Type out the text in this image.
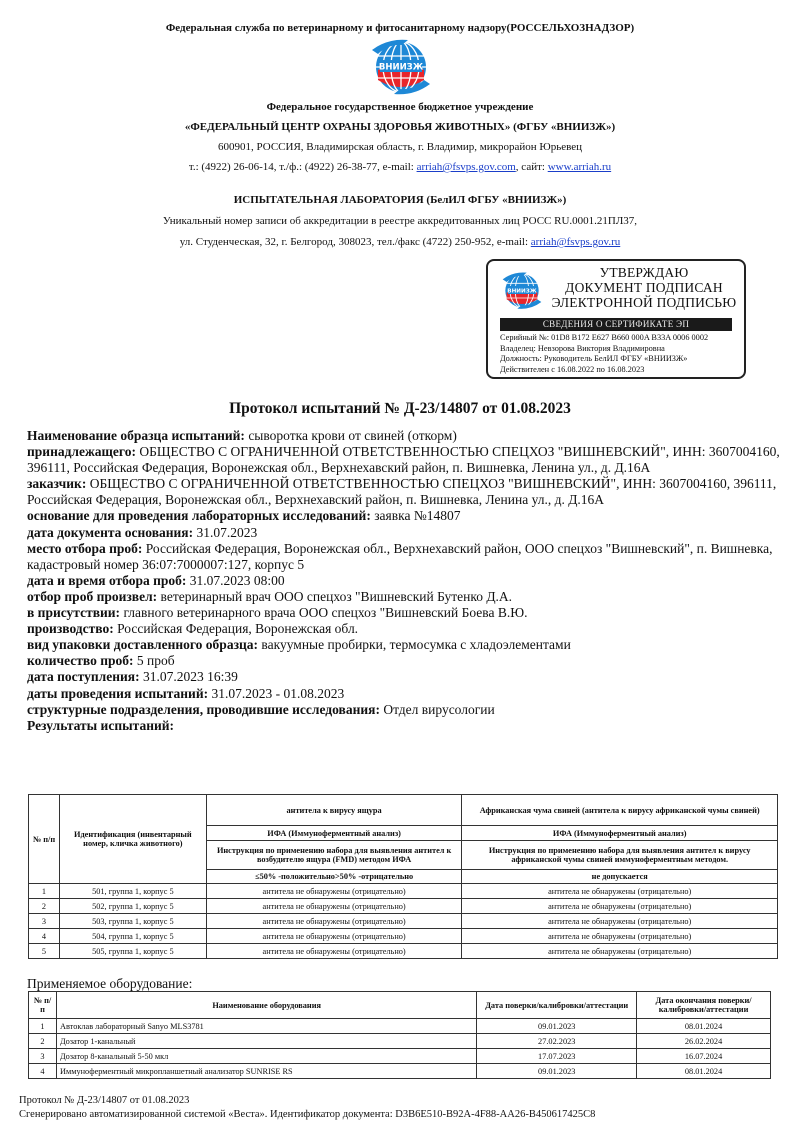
Федеральная служба по ветеринарному и фитосанитарному надзору(РОССЕЛЬХОЗНАДЗОР)
ВНИИЗЖ
Федеральное государственное бюджетное учреждение
«ФЕДЕРАЛЬНЫЙ ЦЕНТР ОХРАНЫ ЗДОРОВЬЯ ЖИВОТНЫХ» (ФГБУ «ВНИИЗЖ»)
600901, РОССИЯ, Владимирская область, г. Владимир, микрорайон Юрьевец
т.: (4922) 26-06-14, т./ф.: (4922) 26-38-77, e-mail: arriah@fsvps.gov.com, сайт: www.arriah.ru
ИСПЫТАТЕЛЬНАЯ ЛАБОРАТОРИЯ (БелИЛ ФГБУ «ВНИИЗЖ»)
Уникальный номер записи об аккредитации в реестре аккредитованных лиц РОСС RU.0001.21ПЛ37,
ул. Студенческая, 32, г. Белгород, 308023, тел./факс (4722) 250-952, e-mail: arriah@fsvps.gov.ru
ВНИИЗЖ
УТВЕРЖДАЮ
ДОКУМЕНТ ПОДПИСАН
ЭЛЕКТРОННОЙ ПОДПИСЬЮ
СВЕДЕНИЯ О СЕРТИФИКАТЕ ЭП
Серийный №: 01D8 B172 E627 B660 000A B33A 0006 0002
Владелец: Невзорова Виктория Владимировна
Должность: Руководитель БелИЛ ФГБУ «ВНИИЗЖ»
Действителен с 16.08.2022 по 16.08.2023
Протокол испытаний № Д-23/14807 от 01.08.2023
Наименование образца испытаний: сыворотка крови от свиней (откорм)
принадлежащего: ОБЩЕСТВО С ОГРАНИЧЕННОЙ ОТВЕТСТВЕННОСТЬЮ СПЕЦХОЗ "ВИШНЕВСКИЙ", ИНН: 3607004160, 396111, Российская Федерация, Воронежская обл., Верхнехавский район, п. Вишневка, Ленина ул., д. Д.16А
заказчик: ОБЩЕСТВО С ОГРАНИЧЕННОЙ ОТВЕТСТВЕННОСТЬЮ СПЕЦХОЗ "ВИШНЕВСКИЙ", ИНН: 3607004160, 396111, Российская Федерация, Воронежская обл., Верхнехавский район, п. Вишневка, Ленина ул., д. Д.16А
основание для проведения лабораторных исследований: заявка №14807
дата документа основания: 31.07.2023
место отбора проб: Российская Федерация, Воронежская обл., Верхнехавский район, ООО спецхоз "Вишневский", п. Вишневка, кадастровый номер 36:07:7000007:127, корпус 5
дата и время отбора проб: 31.07.2023 08:00
отбор проб произвел: ветеринарный врач ООО спецхоз "Вишневский Бутенко Д.А.
в присутствии: главного ветеринарного врача ООО спецхоз "Вишневский Боева В.Ю.
производство: Российская Федерация, Воронежская обл.
вид упаковки доставленного образца: вакуумные пробирки, термосумка с хладоэлементами
количество проб: 5 проб
дата поступления: 31.07.2023 16:39
даты проведения испытаний: 31.07.2023 - 01.08.2023
структурные подразделения, проводившие исследования: Отдел вирусологии
Результаты испытаний:
№ п/п	Идентификация (инвентарный номер, кличка животного)	антитела к вирусу ящура	Африканская чума свиней (антитела к вирусу африканской чумы свиней)
		ИФА (Иммуноферментный анализ)	ИФА (Иммуноферментный анализ)
		Инструкция по применению набора для выявления антител к возбудителю ящура (FMD) методом ИФА	Инструкция по применению набора для выявления антител к вирусу африканской чумы свиней иммуноферментным методом.
		≤50% -положительно>50% -отрицательно	не допускается
1	501, группа 1, корпус 5	антитела не обнаружены (отрицательно)	антитела не обнаружены (отрицательно)
2	502, группа 1, корпус 5	антитела не обнаружены (отрицательно)	антитела не обнаружены (отрицательно)
3	503, группа 1, корпус 5	антитела не обнаружены (отрицательно)	антитела не обнаружены (отрицательно)
4	504, группа 1, корпус 5	антитела не обнаружены (отрицательно)	антитела не обнаружены (отрицательно)
5	505, группа 1, корпус 5	антитела не обнаружены (отрицательно)	антитела не обнаружены (отрицательно)
Применяемое оборудование:
№ п/п	Наименование оборудования	Дата поверки/калибровки/аттестации	Дата окончания поверки/калибровки/аттестации
1	Автоклав лабораторный Sanyo MLS3781	09.01.2023	08.01.2024
2	Дозатор 1-канальный	27.02.2023	26.02.2024
3	Дозатор 8-канальный 5-50 мкл	17.07.2023	16.07.2024
4	Иммуноферментный микропланшетный анализатор SUNRISE RS	09.01.2023	08.01.2024
Протокол № Д-23/14807 от 01.08.2023
Сгенерировано автоматизированной системой «Веста». Идентификатор документа: D3B6E510-B92A-4F88-AA26-B450617425C8
